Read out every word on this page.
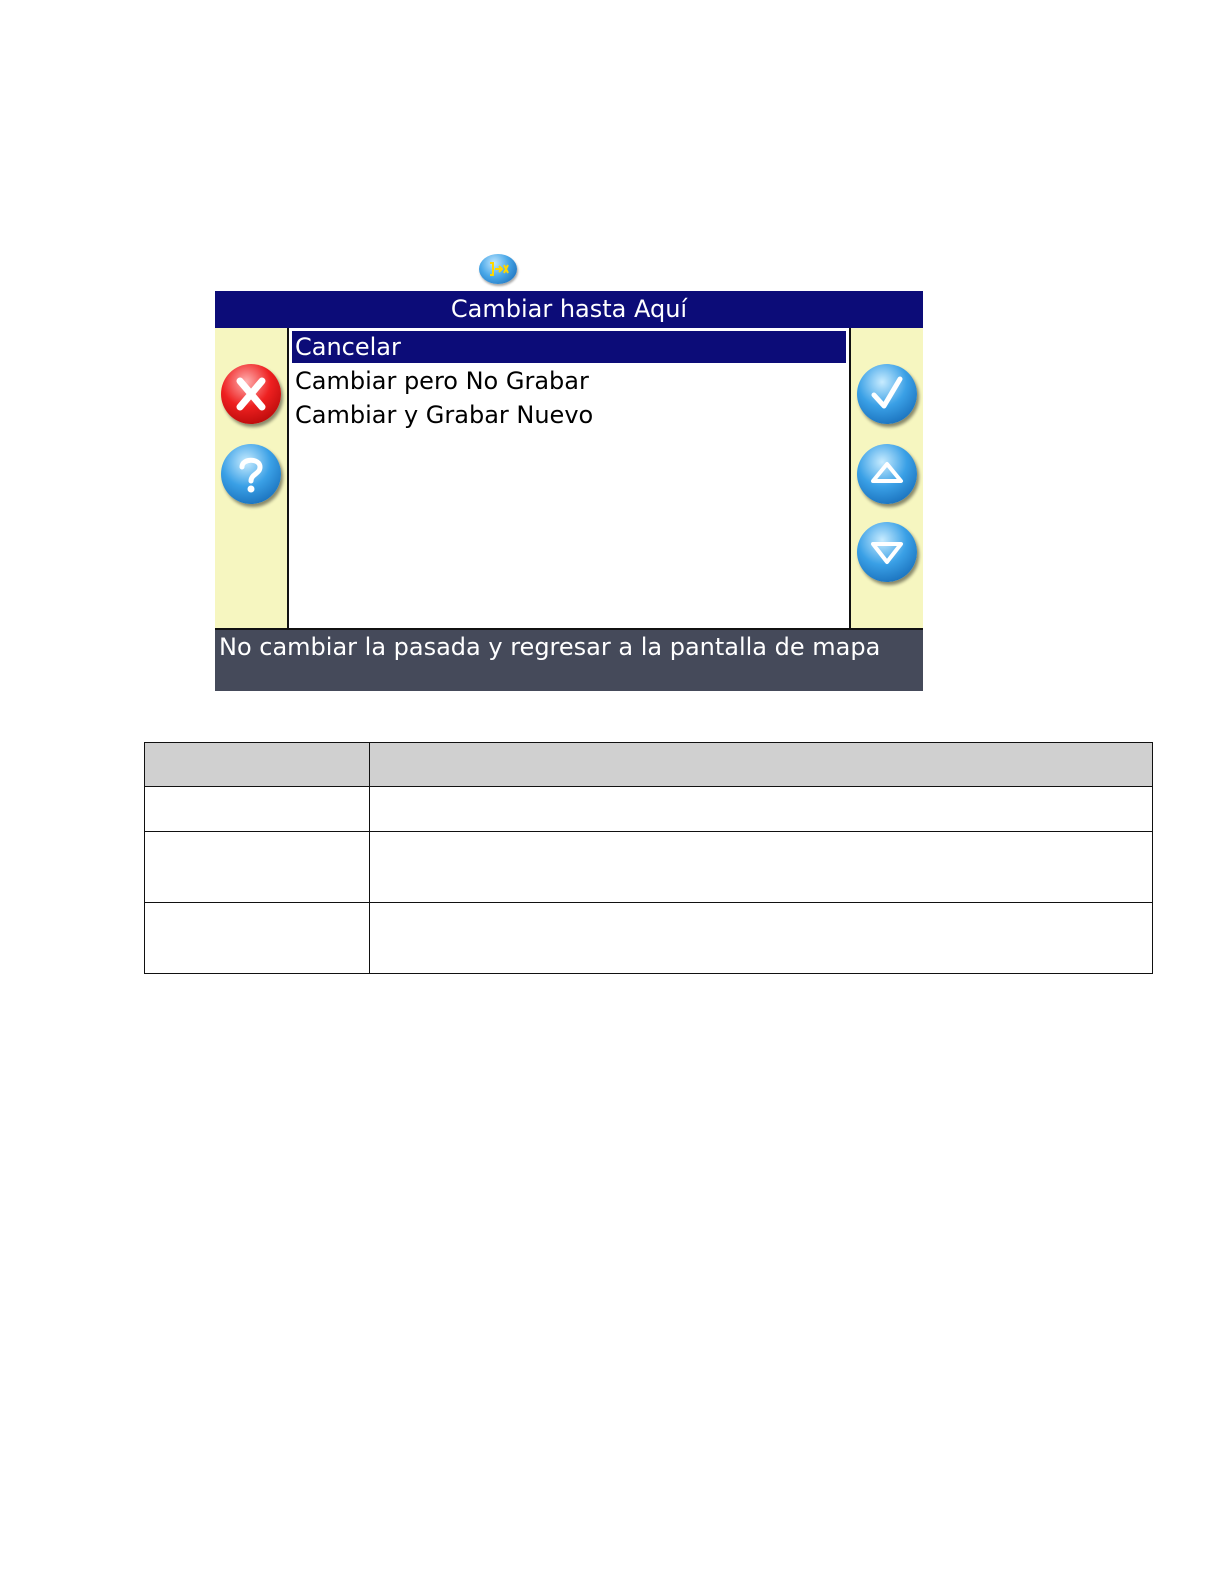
Cambiar hasta Aquí
Cancelar
Cambiar pero No Grabar
Cambiar y Grabar Nuevo
No cambiar la pasada y regresar a la pantalla de mapa
